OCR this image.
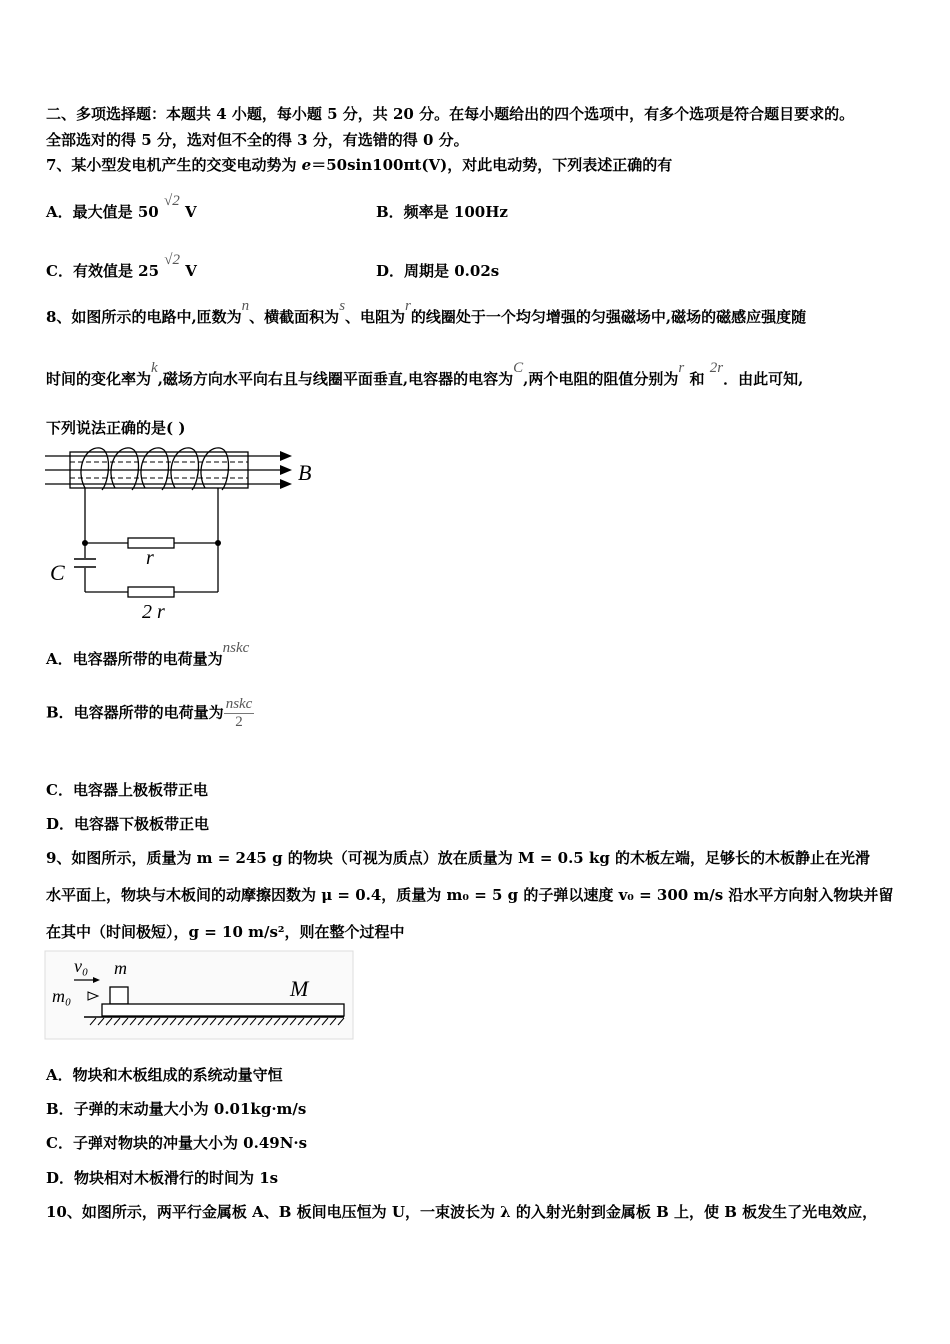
二、多项选择题：本题共 4 小题，每小题 5 分，共 20 分。在每小题给出的四个选项中，有多个选项是符合题目要求的。
全部选对的得 5 分，选对但不全的得 3 分，有选错的得 0 分。
7、某小型发电机产生的交变电动势为 e＝50sin100πt(V)，对此电动势，下列表述正确的有
A．最大值是 50 √2 V	B．频率是 100Hz
C．有效值是 25 √2 V	D．周期是 0.02s
8、如图所示的电路中,匝数为n、横截面积为s、电阻为r的线圈处于一个均匀增强的匀强磁场中,磁场的磁感应强度随
时间的变化率为k,磁场方向水平向右且与线圈平面垂直,电容器的电容为C,两个电阻的阻值分别为r 和 2r．由此可知,
下列说法正确的是( )
B
r
C
2 r
A．电容器所带的电荷量为nskc
B．电容器所带的电荷量为 $\frac{\text{nskc}}{2}$
C．电容器上极板带正电
D．电容器下极板带正电
9、如图所示，质量为 m = 245 g 的物块（可视为质点）放在质量为 M = 0.5 kg 的木板左端，足够长的木板静止在光滑
水平面上，物块与木板间的动摩擦因数为 μ = 0.4，质量为 m₀ = 5 g 的子弹以速度 v₀ = 300 m/s 沿水平方向射入物块并留
在其中（时间极短），g = 10 m/s²，则在整个过程中
v₀ m
m₀	M
A．物块和木板组成的系统动量守恒
B．子弹的末动量大小为 0.01kg·m/s
C．子弹对物块的冲量大小为 0.49N·s
D．物块相对木板滑行的时间为 1s
10、如图所示，两平行金属板 A、B 板间电压恒为 U，一束波长为 λ 的入射光射到金属板 B 上，使 B 板发生了光电效应，
